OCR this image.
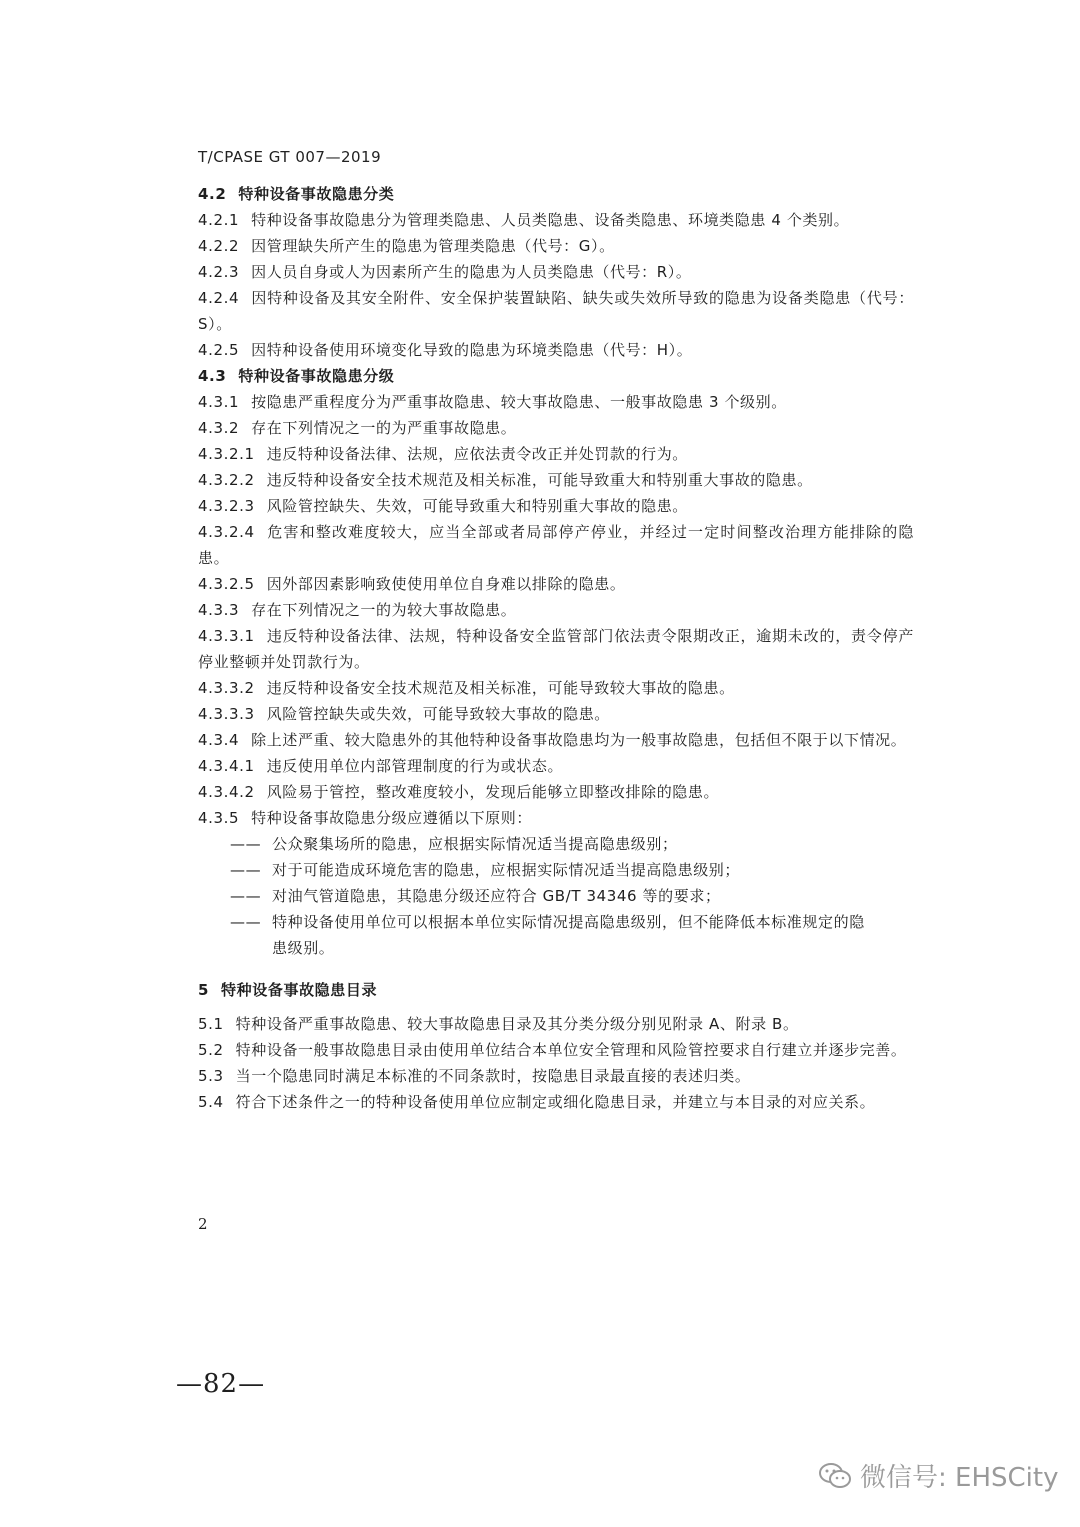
T/CPASE GT 007—2019
4.2 特种设备事故隐患分类
4.2.1 特种设备事故隐患分为管理类隐患、人员类隐患、设备类隐患、环境类隐患 4 个类别。
4.2.2 因管理缺失所产生的隐患为管理类隐患（代号：G）。
4.2.3 因人员自身或人为因素所产生的隐患为人员类隐患（代号：R）。
4.2.4 因特种设备及其安全附件、安全保护装置缺陷、缺失或失效所导致的隐患为设备类隐患（代号：S）。
4.2.5 因特种设备使用环境变化导致的隐患为环境类隐患（代号：H）。
4.3 特种设备事故隐患分级
4.3.1 按隐患严重程度分为严重事故隐患、较大事故隐患、一般事故隐患 3 个级别。
4.3.2 存在下列情况之一的为严重事故隐患。
4.3.2.1 违反特种设备法律、法规，应依法责令改正并处罚款的行为。
4.3.2.2 违反特种设备安全技术规范及相关标准，可能导致重大和特别重大事故的隐患。
4.3.2.3 风险管控缺失、失效，可能导致重大和特别重大事故的隐患。
4.3.2.4 危害和整改难度较大，应当全部或者局部停产停业，并经过一定时间整改治理方能排除的隐患。
4.3.2.5 因外部因素影响致使使用单位自身难以排除的隐患。
4.3.3 存在下列情况之一的为较大事故隐患。
4.3.3.1 违反特种设备法律、法规，特种设备安全监管部门依法责令限期改正，逾期未改的，责令停产停业整顿并处罚款行为。
4.3.3.2 违反特种设备安全技术规范及相关标准，可能导致较大事故的隐患。
4.3.3.3 风险管控缺失或失效，可能导致较大事故的隐患。
4.3.4 除上述严重、较大隐患外的其他特种设备事故隐患均为一般事故隐患，包括但不限于以下情况。
4.3.4.1 违反使用单位内部管理制度的行为或状态。
4.3.4.2 风险易于管控，整改难度较小，发现后能够立即整改排除的隐患。
4.3.5 特种设备事故隐患分级应遵循以下原则：
—— 公众聚集场所的隐患，应根据实际情况适当提高隐患级别；
—— 对于可能造成环境危害的隐患，应根据实际情况适当提高隐患级别；
—— 对油气管道隐患，其隐患分级还应符合 GB/T 34346 等的要求；
—— 特种设备使用单位可以根据本单位实际情况提高隐患级别，但不能降低本标准规定的隐
患级别。
5 特种设备事故隐患目录
5.1 特种设备严重事故隐患、较大事故隐患目录及其分类分级分别见附录 A、附录 B。
5.2 特种设备一般事故隐患目录由使用单位结合本单位安全管理和风险管控要求自行建立并逐步完善。
5.3 当一个隐患同时满足本标准的不同条款时，按隐患目录最直接的表述归类。
5.4 符合下述条件之一的特种设备使用单位应制定或细化隐患目录，并建立与本目录的对应关系。
2
—82—
微信号: EHSCity
